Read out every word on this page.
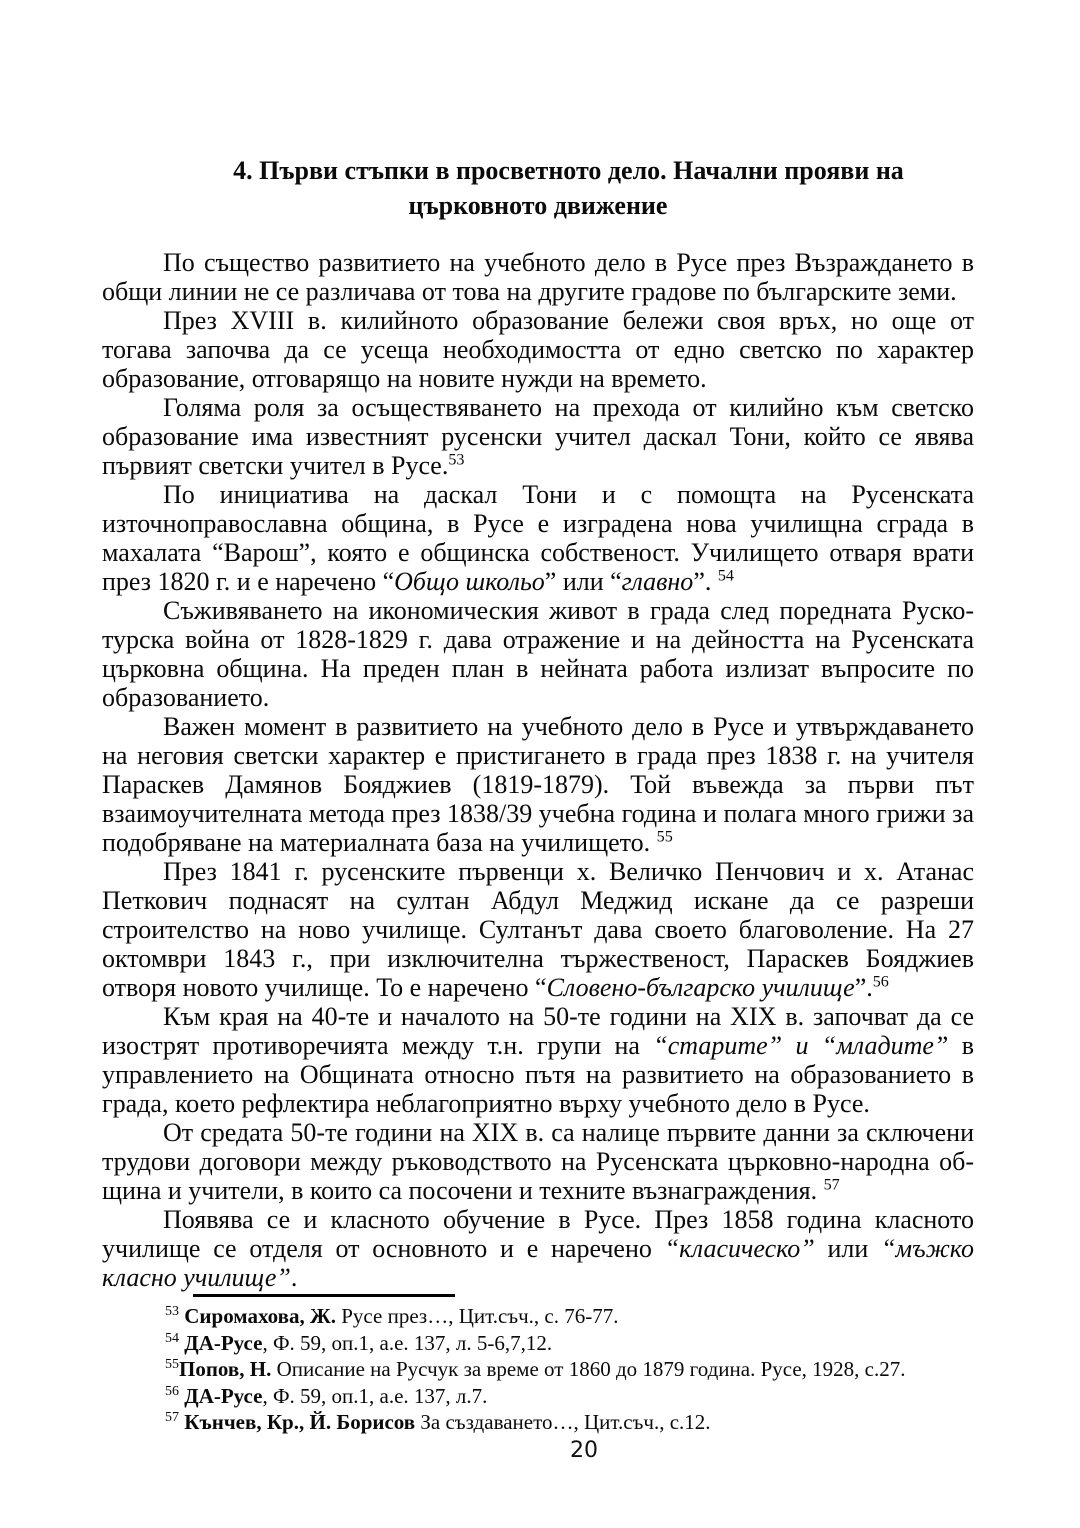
4. Първи стъпки в просветното дело. Начални прояви на църковното движение

По същество развитието на учебното дело в Русе през Възраждането в общи линии не се различава от това на другите градове по българските земи.

През XVIII в. килийното образование бележи своя връх, но още от тогава започва да се усеща необходимостта от едно светско по характер образование, отговарящо на новите нужди на времето.

Голяма роля за осъществяването на прехода от килийно към светско образование има известният русенски учител даскал Тони, който се явява първият светски учител в Русе.$^{53}$

По инициатива на даскал Тони и с помощта на Русенската източноправославна община, в Русе е изградена нова училищна сграда в махалата “Варош”, която е общинска собственост. Училището отваря врати през 1820 г. и е наречено “Общо школьо” или “главно”. $^{54}$

Съживяването на икономическия живот в града след поредната Руско-турска война от 1828-1829 г. дава отражение и на дейността на Русенската църковна община. На преден план в нейната работа излизат въпросите по образованието.

Важен момент в развитието на учебното дело в Русе и утвърждаването на неговия светски характер е пристигането в града през 1838 г. на учителя Параскев Дамянов Бояджиев (1819-1879). Той въвежда за първи път взаимоучителната метода през 1838/39 учебна година и полага много грижи за подобряване на материалната база на училището. $^{55}$

През 1841 г. русенските първенци х. Величко Пенчович и х. Атанас Петкович поднасят на султан Абдул Меджид искане да се разреши строителство на ново училище. Султанът дава своето благоволение. На 27 октомври 1843 г., при изключителна тържественост, Параскев Бояджиев отворя новото училище. То е наречено “Словено-българско училище”.$^{56}$

Към края на 40-те и началото на 50-те години на XIX в. започват да се изострят противоречията между т.н. групи на “старите” и “младите” в управлението на Общината относно пътя на развитието на образованието в града, което рефлектира неблагоприятно върху учебното дело в Русе.

От средата 50-те години на XIX в. са налице първите данни за сключени трудови договори между ръководството на Русенската църковно-народна община и учители, в които са посочени и техните възнаграждения. $^{57}$

Появява се и класното обучение в Русе. През 1858 година класното училище се отделя от основното и е наречено “класическо” или “мъжко класно училище”.

$^{53}$ Сиромахова, Ж. Русе през…, Цит.съч., с. 76-77.
$^{54}$ ДА-Русе, Ф. 59, оп.1, а.е. 137, л. 5-6,7,12.
$^{55}$Попов, Н. Описание на Русчук за време от 1860 до 1879 година. Русе, 1928, с.27.
$^{56}$ ДА-Русе, Ф. 59, оп.1, а.е. 137, л.7.
$^{57}$ Кънчев, Кр., Й. Борисов За създаването…, Цит.съч., с.12.
20
